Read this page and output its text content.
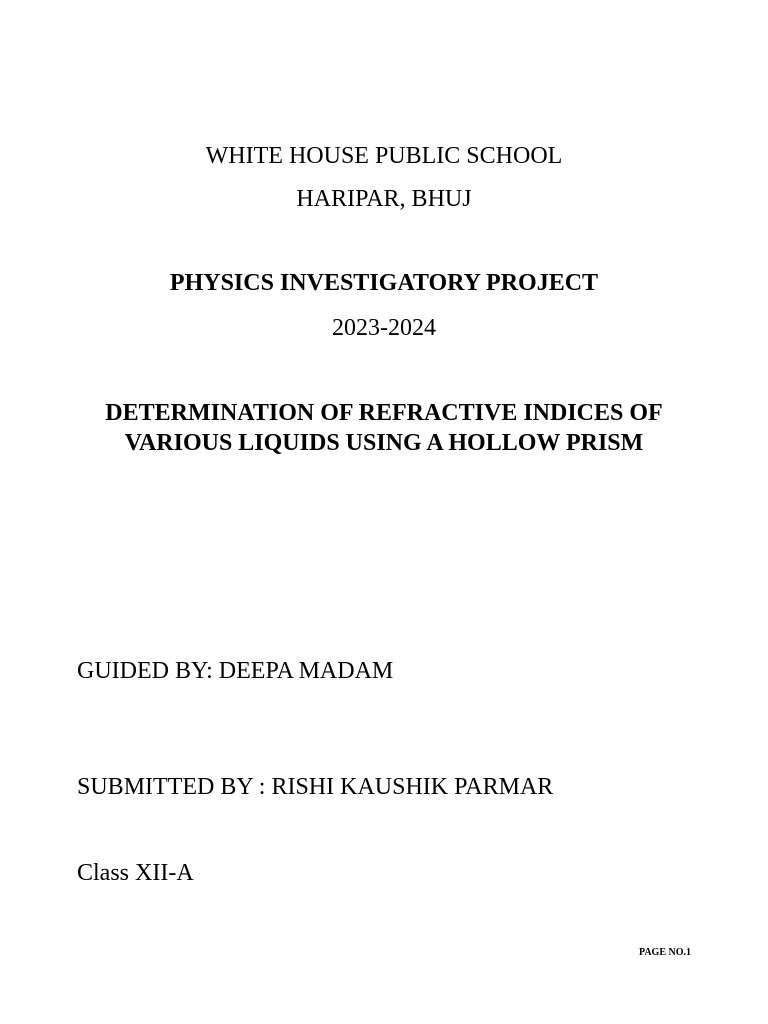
WHITE HOUSE PUBLIC SCHOOL
HARIPAR, BHUJ
PHYSICS INVESTIGATORY PROJECT
2023-2024
DETERMINATION OF REFRACTIVE INDICES OF
VARIOUS LIQUIDS USING A HOLLOW PRISM
GUIDED BY: DEEPA MADAM
SUBMITTED BY : RISHI KAUSHIK PARMAR
Class XII-A
PAGE NO.1
